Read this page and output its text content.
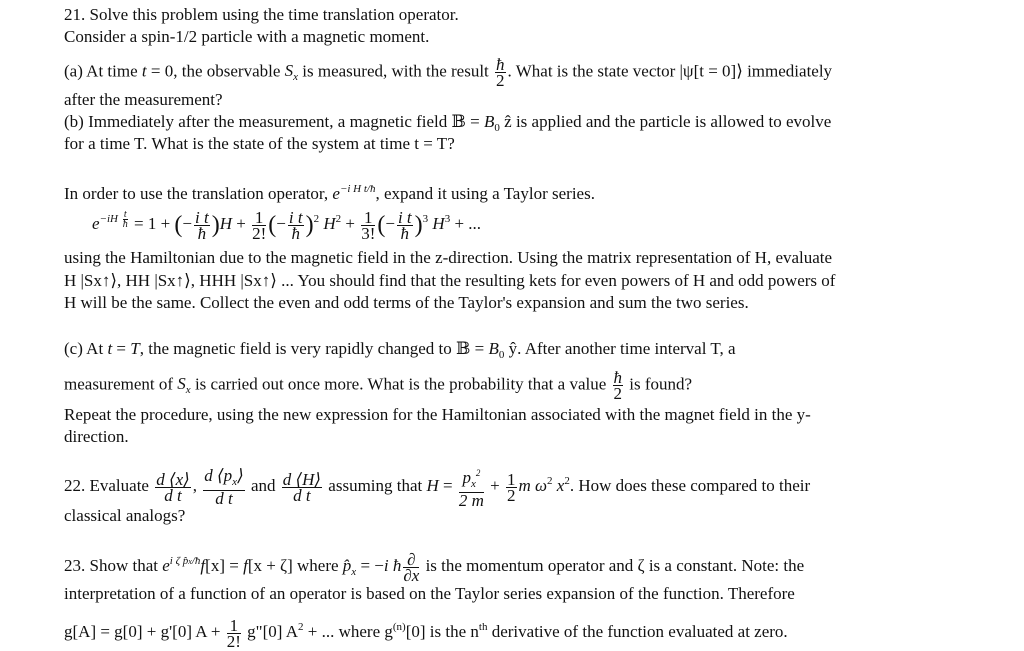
21. Solve this problem using the time translation operator.
Consider a spin-1/2 particle with a magnetic moment.
(a) At time t = 0, the observable $S_x$ is measured, with the result $\frac{ħ}{2}$ . What is the state vector |ψ[t = 0]⟩ immediately
after the measurement?
(b) Immediately after the measurement, a magnetic field 𝔹 = $B_0$ ẑ is applied and the particle is allowed to evolve
for a time T. What is the state of the system at time t = T?
In order to use the translation operator, $e^{-i H t/ħ}$, expand it using a Taylor series.
$e^{-iH \frac{t}{ħ}} = 1$ + (− $\frac{\text{i t}}{ħ} )H + \frac{1}{2!}$ (− $\frac{\text{i t}}{ħ} )^2$ $H^2 + \frac{1}{3!}$ (− $\frac{\text{i t}}{ħ} )^3$ $H^3$ + ...
using the Hamiltonian due to the magnetic field in the z-direction. Using the matrix representation of H, evaluate
H |Sx↑⟩, HH |Sx↑⟩, HHH |Sx↑⟩ ... You should find that the resulting kets for even powers of H and odd powers of
H will be the same. Collect the even and odd terms of the Taylor's expansion and sum the two series.
(c) At t = T, the magnetic field is very rapidly changed to 𝔹 = $B_0$ ŷ. After another time interval T, a
measurement of $S_x$ is carried out once more. What is the probability that a value $\frac{ħ}{2}$ is found?
Repeat the procedure, using the new expression for the Hamiltonian associated with the magnet field in the y-
direction.
22. Evaluate $\frac{d ⟨x⟩}{\text{d t}}$ , $\frac{d ⟨p_x⟩}{\text{d t}}$ and $\frac{d ⟨H⟩}{\text{d t}}$ assuming that $H = \frac{p_x^2}{2 m} + \frac{1}{2}$ m $\omega^2$ $x^2$. How does these compared to their
classical analogs?
23. Show that $e^{i \zeta p̂x/ħ}f[x] = f[x + \zeta]$ where $p̂_x = -i$ ħ $\frac{\partial}{\partial x}$ is the momentum operator and ζ is a constant. Note: the
interpretation of a function of an operator is based on the Taylor series expansion of the function. Therefore
g[A] = g[0] + g'[0] $A + \frac{1}{2!}$ g"[0] $A^2$ + ... where $g^{(n)}[0]$ is the $n^{th}$ derivative of the function evaluated at zero.
